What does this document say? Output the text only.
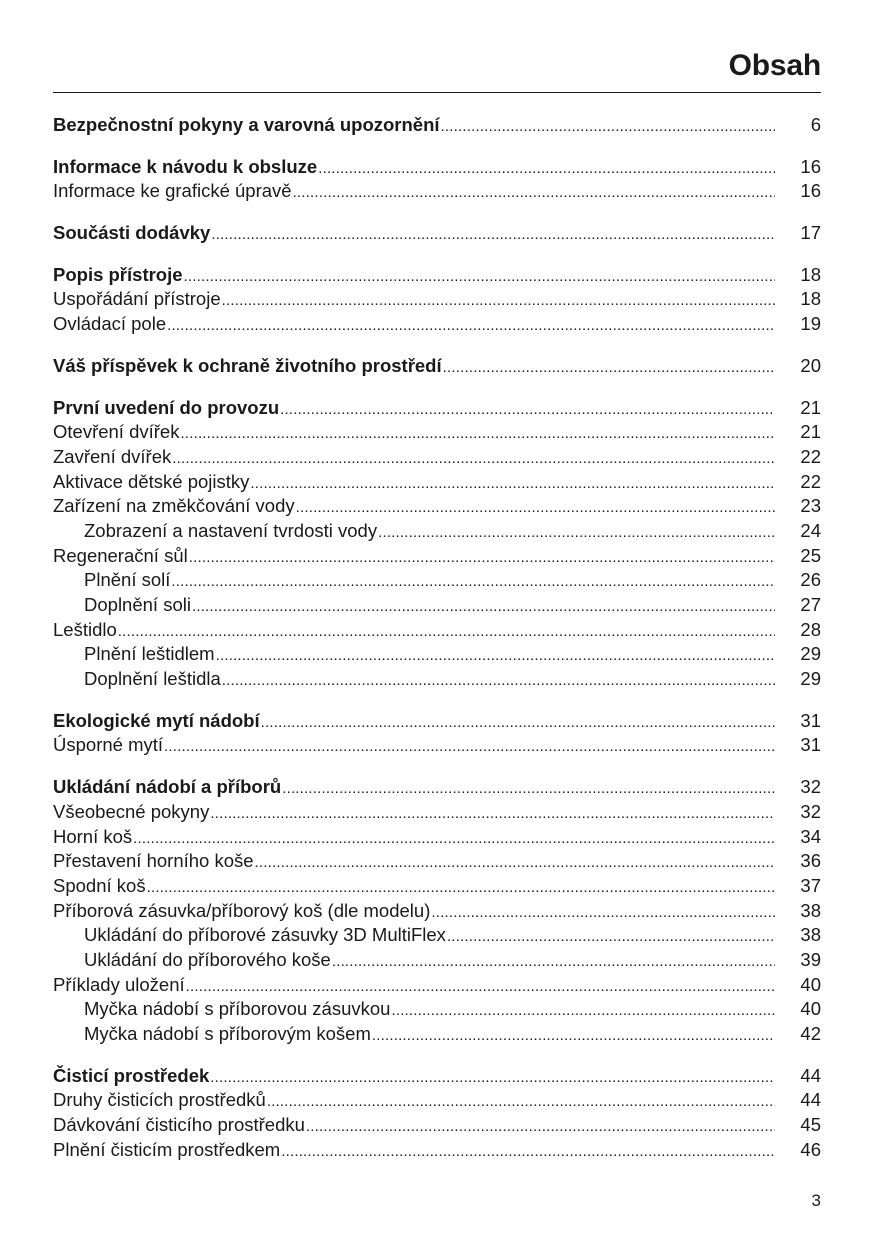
Obsah
Bezpečnostní pokyny a varovná upozornění .....	6
Informace k návodu k obsluze .....	16
Informace ke grafické úpravě .....	16
Součásti dodávky .....	17
Popis přístroje .....	18
Uspořádání přístroje .....	18
Ovládací pole .....	19
Váš příspěvek k ochraně životního prostředí .....	20
První uvedení do provozu .....	21
Otevření dvířek .....	21
Zavření dvířek .....	22
Aktivace dětské pojistky .....	22
Zařízení na změkčování vody .....	23
Zobrazení a nastavení tvrdosti vody .....	24
Regenerační sůl .....	25
Plnění solí .....	26
Doplnění soli .....	27
Leštidlo .....	28
Plnění leštidlem .....	29
Doplnění leštidla .....	29
Ekologické mytí nádobí .....	31
Úsporné mytí .....	31
Ukládání nádobí a příborů .....	32
Všeobecné pokyny .....	32
Horní koš .....	34
Přestavení horního koše .....	36
Spodní koš .....	37
Příborová zásuvka/příborový koš (dle modelu) .....	38
Ukládání do příborové zásuvky 3D MultiFlex .....	38
Ukládání do příborového koše .....	39
Příklady uložení .....	40
Myčka nádobí s příborovou zásuvkou .....	40
Myčka nádobí s příborovým košem .....	42
Čisticí prostředek .....	44
Druhy čisticích prostředků .....	44
Dávkování čisticího prostředku .....	45
Plnění čisticím prostředkem .....	46

3
